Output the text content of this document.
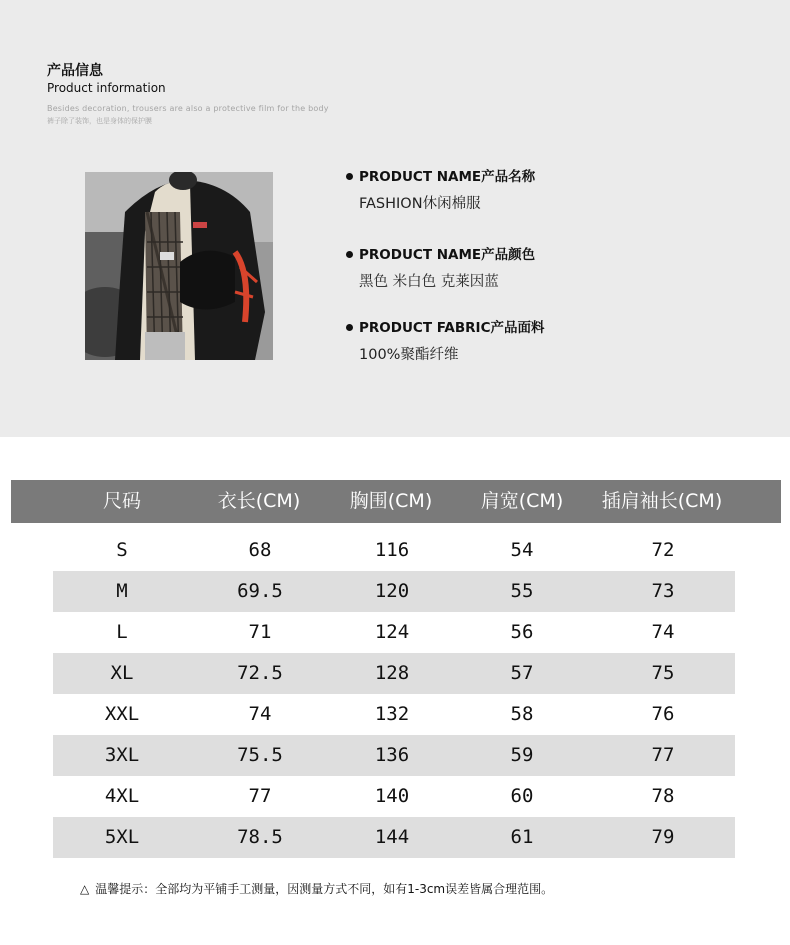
产品信息
Product information
Besides decoration, trousers are also a protective film for the body
裤子除了装饰，也是身体的保护膜
PRODUCT NAME产品名称
FASHION休闲棉服
PRODUCT NAME产品颜色
黑色 米白色 克莱因蓝
PRODUCT FABRIC产品面料
100%聚酯纤维
尺码	衣长(CM)	胸围(CM)	肩宽(CM) 插肩袖长(CM)
S	68	116	54	72
M	69.5	120	55	73
L	71	124	56	74
XL	72.5	128	57	75
XXL	74	132	58	76
3XL	75.5	136	59	77
4XL	77	140	60	78
5XL	78.5	144	61	79
△ 温馨提示：全部均为平铺手工测量，因测量方式不同，如有1-3cm误差皆属合理范围。
